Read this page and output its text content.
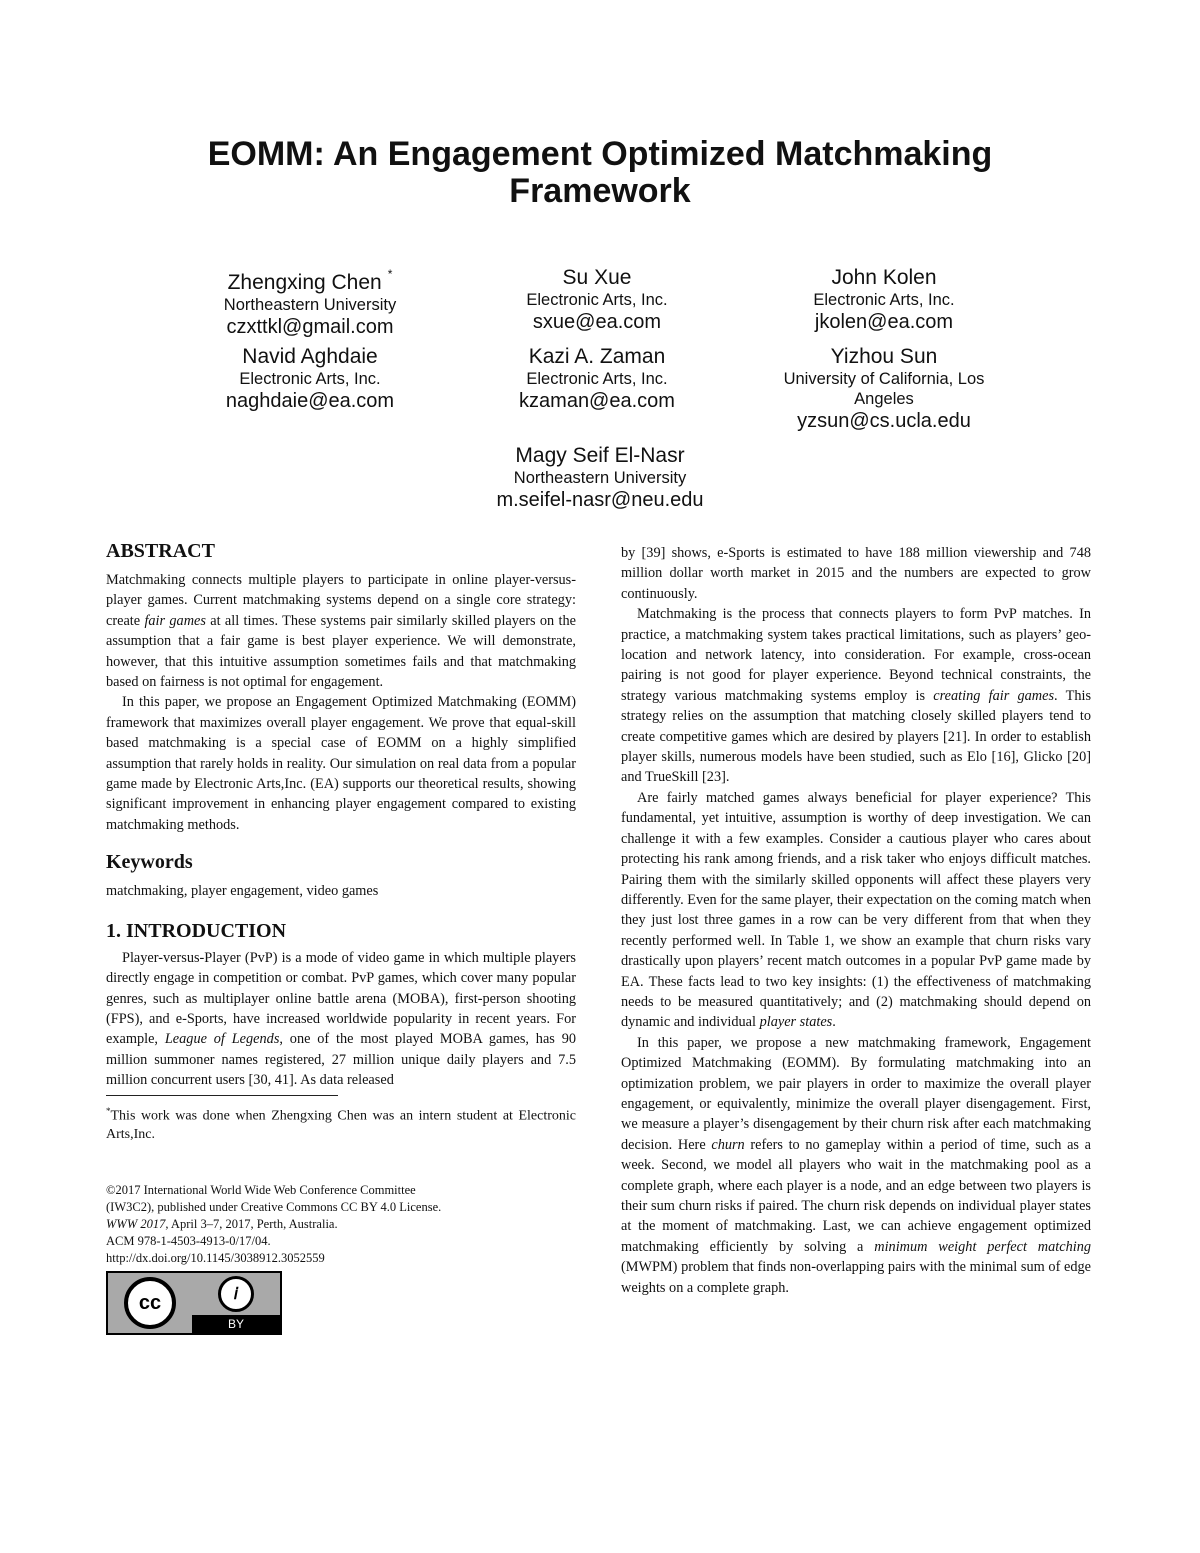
EOMM: An Engagement Optimized Matchmaking Framework
Zhengxing Chen *
Northeastern University
czxttkl@gmail.com
Su Xue
Electronic Arts, Inc.
sxue@ea.com
John Kolen
Electronic Arts, Inc.
jkolen@ea.com
Navid Aghdaie
Electronic Arts, Inc.
naghdaie@ea.com
Kazi A. Zaman
Electronic Arts, Inc.
kzaman@ea.com
Yizhou Sun
University of California, Los Angeles
yzsun@cs.ucla.edu
Magy Seif El-Nasr
Northeastern University
m.seifel-nasr@neu.edu
ABSTRACT

Matchmaking connects multiple players to participate in online player-versus-player games. Current matchmaking systems depend on a single core strategy: create fair games at all times. These systems pair similarly skilled players on the assumption that a fair game is best player experience. We will demonstrate, however, that this intuitive assumption sometimes fails and that matchmaking based on fairness is not optimal for engagement.

In this paper, we propose an Engagement Optimized Matchmaking (EOMM) framework that maximizes overall player engagement. We prove that equal-skill based matchmaking is a special case of EOMM on a highly simplified assumption that rarely holds in reality. Our simulation on real data from a popular game made by Electronic Arts,Inc. (EA) supports our theoretical results, showing significant improvement in enhancing player engagement compared to existing matchmaking methods.

Keywords

matchmaking, player engagement, video games

1. INTRODUCTION

Player-versus-Player (PvP) is a mode of video game in which multiple players directly engage in competition or combat. PvP games, which cover many popular genres, such as multiplayer online battle arena (MOBA), first-person shooting (FPS), and e-Sports, have increased worldwide popularity in recent years. For example, League of Legends, one of the most played MOBA games, has 90 million summoner names registered, 27 million unique daily players and 7.5 million concurrent users [30, 41]. As data released

*This work was done when Zhengxing Chen was an intern student at Electronic Arts,Inc.

©2017 International World Wide Web Conference Committee

(IW3C2), published under Creative Commons CC BY 4.0 License.

WWW 2017, April 3–7, 2017, Perth, Australia.

ACM 978-1-4503-4913-0/17/04.

http://dx.doi.org/10.1145/3038912.3052559

cc	𝘪
BY

by [39] shows, e-Sports is estimated to have 188 million viewership and 748 million dollar worth market in 2015 and the numbers are expected to grow continuously.

Matchmaking is the process that connects players to form PvP matches. In practice, a matchmaking system takes practical limitations, such as players’ geo-location and network latency, into consideration. For example, cross-ocean pairing is not good for player experience. Beyond technical constraints, the strategy various matchmaking systems employ is creating fair games. This strategy relies on the assumption that matching closely skilled players tend to create competitive games which are desired by players [21]. In order to establish player skills, numerous models have been studied, such as Elo [16], Glicko [20] and TrueSkill [23].

Are fairly matched games always beneficial for player experience? This fundamental, yet intuitive, assumption is worthy of deep investigation. We can challenge it with a few examples. Consider a cautious player who cares about protecting his rank among friends, and a risk taker who enjoys difficult matches. Pairing them with the similarly skilled opponents will affect these players very differently. Even for the same player, their expectation on the coming match when they just lost three games in a row can be very different from that when they recently performed well. In Table 1, we show an example that churn risks vary drastically upon players’ recent match outcomes in a popular PvP game made by EA. These facts lead to two key insights: (1) the effectiveness of matchmaking needs to be measured quantitatively; and (2) matchmaking should depend on dynamic and individual player states.

In this paper, we propose a new matchmaking framework, Engagement Optimized Matchmaking (EOMM). By formulating matchmaking into an optimization problem, we pair players in order to maximize the overall player engagement, or equivalently, minimize the overall player disengagement. First, we measure a player’s disengagement by their churn risk after each matchmaking decision. Here churn refers to no gameplay within a period of time, such as a week. Second, we model all players who wait in the matchmaking pool as a complete graph, where each player is a node, and an edge between two players is their sum churn risks if paired. The churn risk depends on individual player states at the moment of matchmaking. Last, we can achieve engagement optimized matchmaking efficiently by solving a minimum weight perfect matching (MWPM) problem that finds non-overlapping pairs with the minimal sum of edge weights on a complete graph.
